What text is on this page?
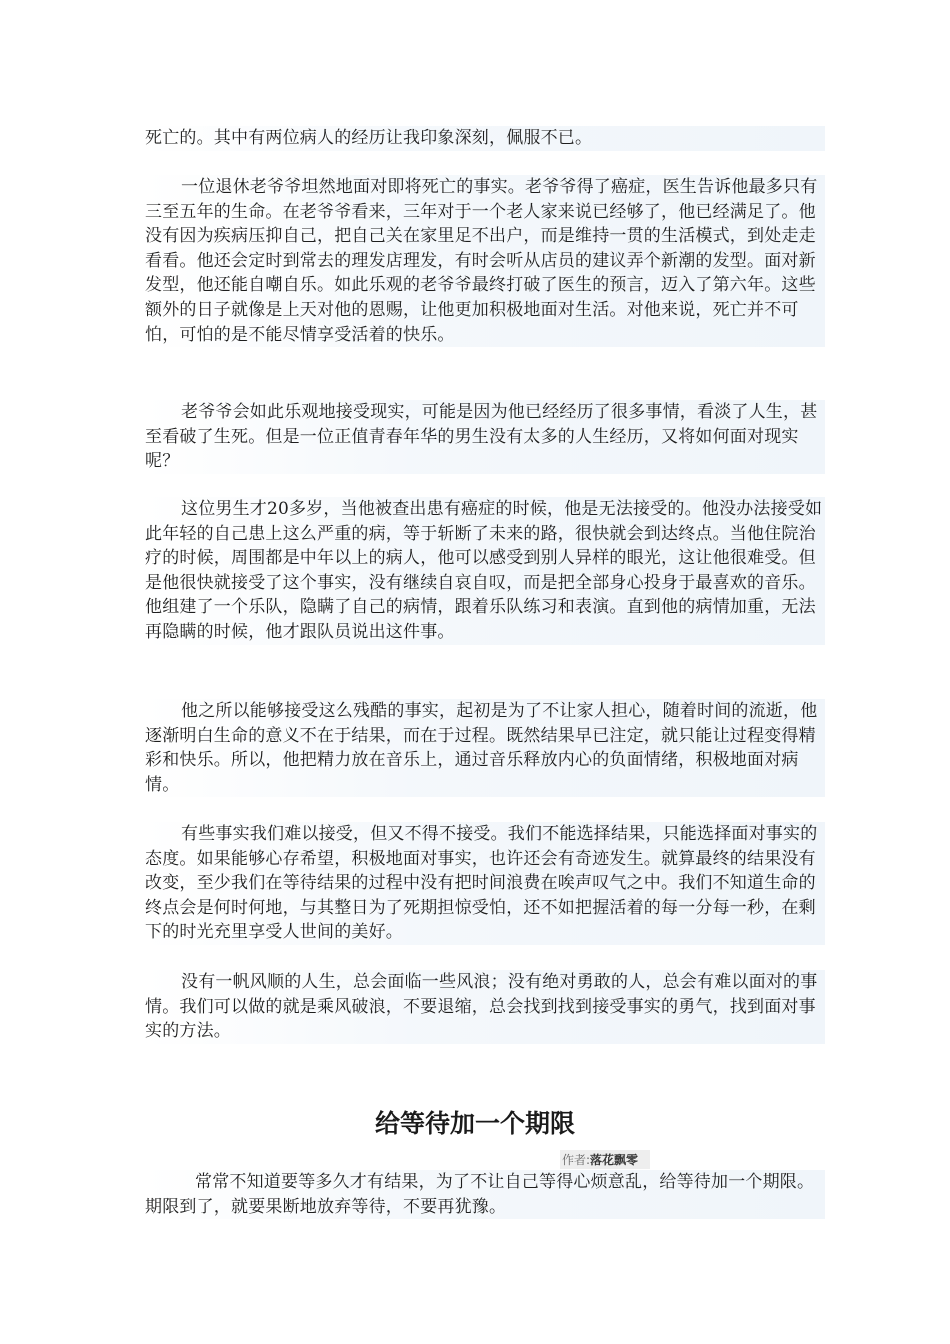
死亡的。其中有两位病人的经历让我印象深刻，佩服不已。

一位退休老爷爷坦然地面对即将死亡的事实。老爷爷得了癌症，医生告诉他最多只有三至五年的生命。在老爷爷看来，三年对于一个老人家来说已经够了，他已经满足了。他没有因为疾病压抑自己，把自己关在家里足不出户，而是维持一贯的生活模式，到处走走看看。他还会定时到常去的理发店理发，有时会听从店员的建议弄个新潮的发型。面对新发型，他还能自嘲自乐。如此乐观的老爷爷最终打破了医生的预言，迈入了第六年。这些额外的日子就像是上天对他的恩赐，让他更加积极地面对生活。对他来说，死亡并不可怕，可怕的是不能尽情享受活着的快乐。

老爷爷会如此乐观地接受现实，可能是因为他已经经历了很多事情，看淡了人生，甚至看破了生死。但是一位正值青春年华的男生没有太多的人生经历，又将如何面对现实呢？

这位男生才20多岁，当他被查出患有癌症的时候，他是无法接受的。他没办法接受如此年轻的自己患上这么严重的病，等于斩断了未来的路，很快就会到达终点。当他住院治疗的时候，周围都是中年以上的病人，他可以感受到别人异样的眼光，这让他很难受。但是他很快就接受了这个事实，没有继续自哀自叹，而是把全部身心投身于最喜欢的音乐。他组建了一个乐队，隐瞒了自己的病情，跟着乐队练习和表演。直到他的病情加重，无法再隐瞒的时候，他才跟队员说出这件事。

他之所以能够接受这么残酷的事实，起初是为了不让家人担心，随着时间的流逝，他逐渐明白生命的意义不在于结果，而在于过程。既然结果早已注定，就只能让过程变得精彩和快乐。所以，他把精力放在音乐上，通过音乐释放内心的负面情绪，积极地面对病情。

有些事实我们难以接受，但又不得不接受。我们不能选择结果，只能选择面对事实的态度。如果能够心存希望，积极地面对事实，也许还会有奇迹发生。就算最终的结果没有改变，至少我们在等待结果的过程中没有把时间浪费在唉声叹气之中。我们不知道生命的终点会是何时何地，与其整日为了死期担惊受怕，还不如把握活着的每一分每一秒，在剩下的时光充里享受人世间的美好。

没有一帆风顺的人生，总会面临一些风浪；没有绝对勇敢的人，总会有难以面对的事情。我们可以做的就是乘风破浪，不要退缩，总会找到找到接受事实的勇气，找到面对事实的方法。

给等待加一个期限
作者:落花飘零

常常不知道要等多久才有结果，为了不让自己等得心烦意乱，给等待加一个期限。期限到了，就要果断地放弃等待，不要再犹豫。
